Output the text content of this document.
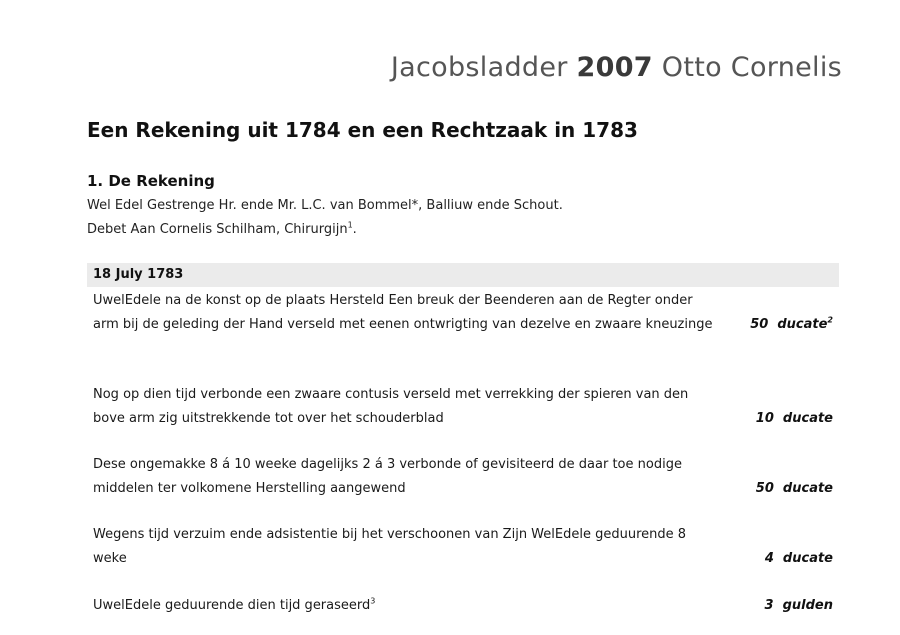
Jacobsladder 2007 Otto Cornelis
Een Rekening uit 1784 en een Rechtzaak in 1783
1. De Rekening
Wel Edel Gestrenge Hr. ende Mr. L.C. van Bommel*, Balliuw ende Schout.
Debet Aan Cornelis Schilham, Chirurgijn$^1$.
18 July 1783
UwelEdele na de konst op de plaats Hersteld Een breuk der Beenderen aan de Regter onder arm bij de geleding der Hand verseld met eenen ontwrigting van dezelve en zwaare kneuzinge	50  ducate$^2$
Nog op dien tijd verbonde een zwaare contusis verseld met verrekking der spieren van den bove arm zig uitstrekkende tot over het schouderblad	10  ducate
Dese ongemakke 8 á 10 weeke dagelijks 2 á 3 verbonde of gevisiteerd de daar toe nodige middelen ter volkomene Herstelling aangewend	50  ducate
Wegens tijd verzuim ende adsistentie bij het verschoonen van Zijn WelEdele geduurende 8 weke	4  ducate
UwelEdele geduurende dien tijd geraseerd$^3$	3  gulden
